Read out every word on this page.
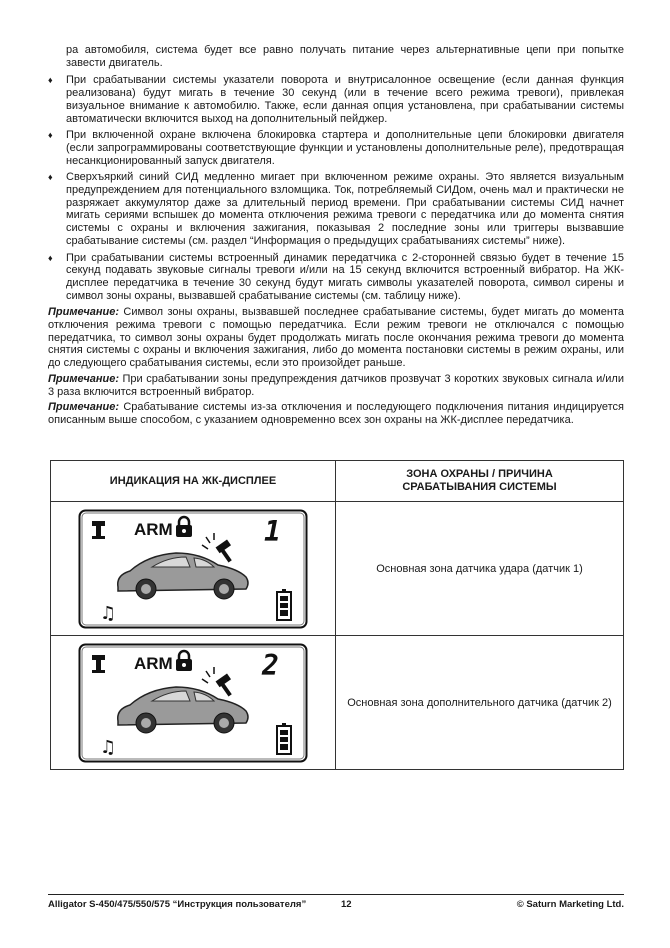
ра автомобиля, система будет все равно получать питание через альтернативные цепи при попытке завести двигатель.

♦ При срабатывании системы указатели поворота и внутрисалонное освещение (если данная функция реализована) будут мигать в течение 30 секунд (или в течение всего режима тревоги), привлекая визуальное внимание к автомобилю. Также, если данная опция установлена, при срабатывании системы автоматически включится выход на дополнительный пейджер.
♦ При включенной охране включена блокировка стартера и дополнительные цепи блокировки двигателя (если запрограммированы соответствующие функции и установлены дополнительные реле), предотвращая несанкционированный запуск двигателя.
♦ Сверхъяркий синий СИД медленно мигает при включенном режиме охраны. Это является визуальным предупреждением для потенциального взломщика. Ток, потребляемый СИДом, очень мал и практически не разряжает аккумулятор даже за длительный период времени. При срабатывании системы СИД начнет мигать сериями вспышек до момента отключения режима тревоги с передатчика или до момента снятия системы с охраны и включения зажигания, показывая 2 последние зоны или триггеры вызвавшие срабатывание системы (см. раздел “Информация о предыдущих срабатываниях системы” ниже).
♦ При срабатывании системы встроенный динамик передатчика с 2-сторонней связью будет в течение 15 секунд подавать звуковые сигналы тревоги и/или на 15 секунд включится встроенный вибратор. На ЖК-дисплее передатчика в течение 30 секунд будут мигать символы указателей поворота, символ сирены и символ зоны охраны, вызвавшей срабатывание системы (см. таблицу ниже).

Примечание: Символ зоны охраны, вызвавшей последнее срабатывание системы, будет мигать до момента отключения режима тревоги с помощью передатчика. Если режим тревоги не отключался с помощью передатчика, то символ зоны охраны будет продолжать мигать после окончания режима тревоги до момента снятия системы с охраны и включения зажигания, либо до момента постановки системы в режим охраны, или до следующего срабатывания системы, если это произойдет раньше.

Примечание: При срабатывании зоны предупреждения датчиков прозвучат 3 коротких звуковых сигнала и/или 3 раза включится встроенный вибратор.

Примечание: Срабатывание системы из-за отключения и последующего подключения питания индицируется описанным выше способом, с указанием одновременно всех зон охраны на ЖК-дисплее передатчика.

ИНДИКАЦИЯ НА ЖК-ДИСПЛЕЕ	ЗОНА ОХРАНЫ / ПРИЧИНА
СРАБАТЫВАНИЯ СИСТЕМЫ

ARM 1
♫	Основная зона датчика удара (датчик 1)

ARM 2
♫	Основная зона дополнительного датчика (датчик 2)
Alligator S-450/475/550/575 “Инструкция пользователя”	12	© Saturn Marketing Ltd.
